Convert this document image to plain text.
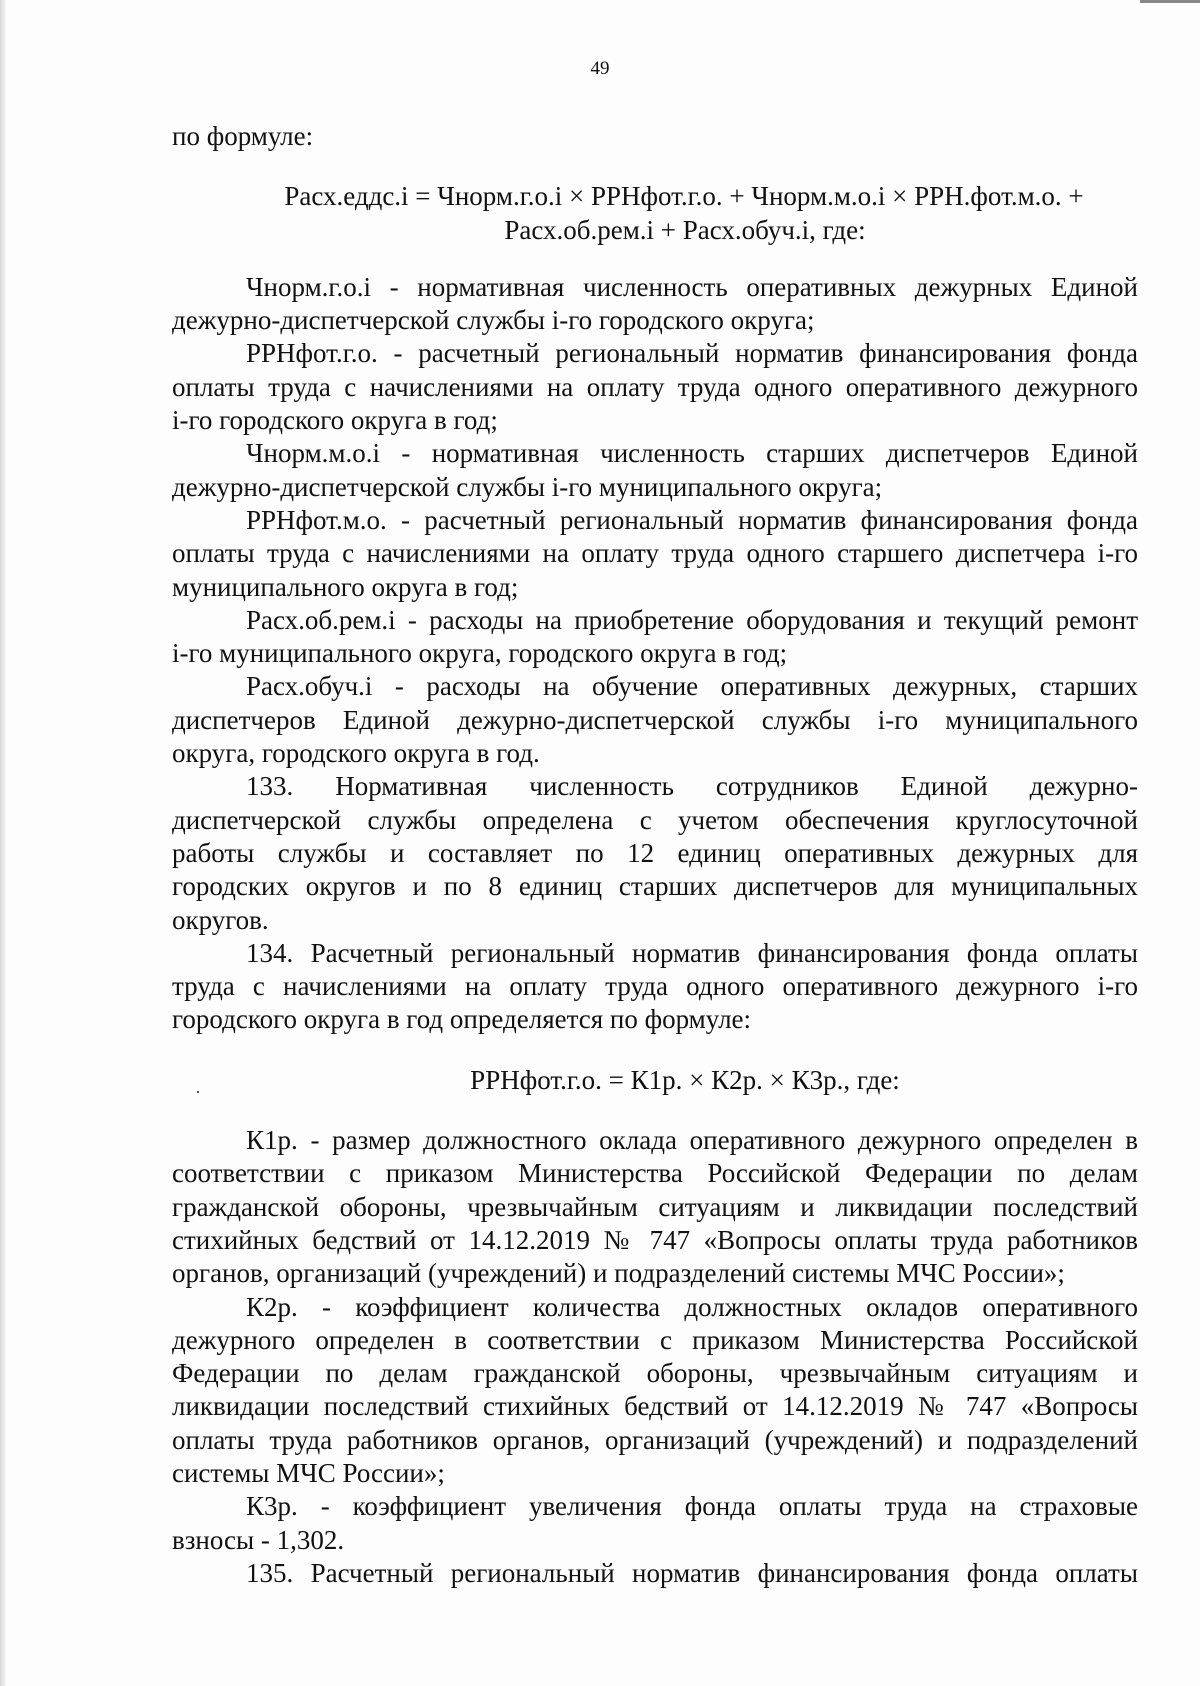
49
по формуле:
Расх.еддс.i = Чнорм.г.о.i × РРНфот.г.о. + Чнорм.м.о.i × РРН.фот.м.о. +
Расх.об.рем.i + Расх.обуч.i, где:
Чнорм.г.о.i - нормативная численность оперативных дежурных Единой
дежурно-диспетчерской службы i-го городского округа;
РРНфот.г.о. - расчетный региональный норматив финансирования фонда
оплаты труда с начислениями на оплату труда одного оперативного дежурного
i-го городского округа в год;
Чнорм.м.о.i - нормативная численность старших диспетчеров Единой
дежурно-диспетчерской службы i-го муниципального округа;
РРНфот.м.о. - расчетный региональный норматив финансирования фонда
оплаты труда с начислениями на оплату труда одного старшего диспетчера i-го
муниципального округа в год;
Расх.об.рем.i - расходы на приобретение оборудования и текущий ремонт
i-го муниципального округа, городского округа в год;
Расх.обуч.i - расходы на обучение оперативных дежурных, старших
диспетчеров Единой дежурно-диспетчерской службы i-го муниципального
округа, городского округа в год.
133. Нормативная численность сотрудников Единой дежурно-
диспетчерской службы определена с учетом обеспечения круглосуточной
работы службы и составляет по 12 единиц оперативных дежурных для
городских округов и по 8 единиц старших диспетчеров для муниципальных
округов.
134. Расчетный региональный норматив финансирования фонда оплаты
труда с начислениями на оплату труда одного оперативного дежурного i-го
городского округа в год определяется по формуле:
РРНфот.г.о. = К1р. × К2р. × К3р., где:
К1р. - размер должностного оклада оперативного дежурного определен в
соответствии с приказом Министерства Российской Федерации по делам
гражданской обороны, чрезвычайным ситуациям и ликвидации последствий
стихийных бедствий от 14.12.2019 № 747 «Вопросы оплаты труда работников
органов, организаций (учреждений) и подразделений системы МЧС России»;
К2р. - коэффициент количества должностных окладов оперативного
дежурного определен в соответствии с приказом Министерства Российской
Федерации по делам гражданской обороны, чрезвычайным ситуациям и
ликвидации последствий стихийных бедствий от 14.12.2019 № 747 «Вопросы
оплаты труда работников органов, организаций (учреждений) и подразделений
системы МЧС России»;
К3р. - коэффициент увеличения фонда оплаты труда на страховые
взносы - 1,302.
135. Расчетный региональный норматив финансирования фонда оплаты
